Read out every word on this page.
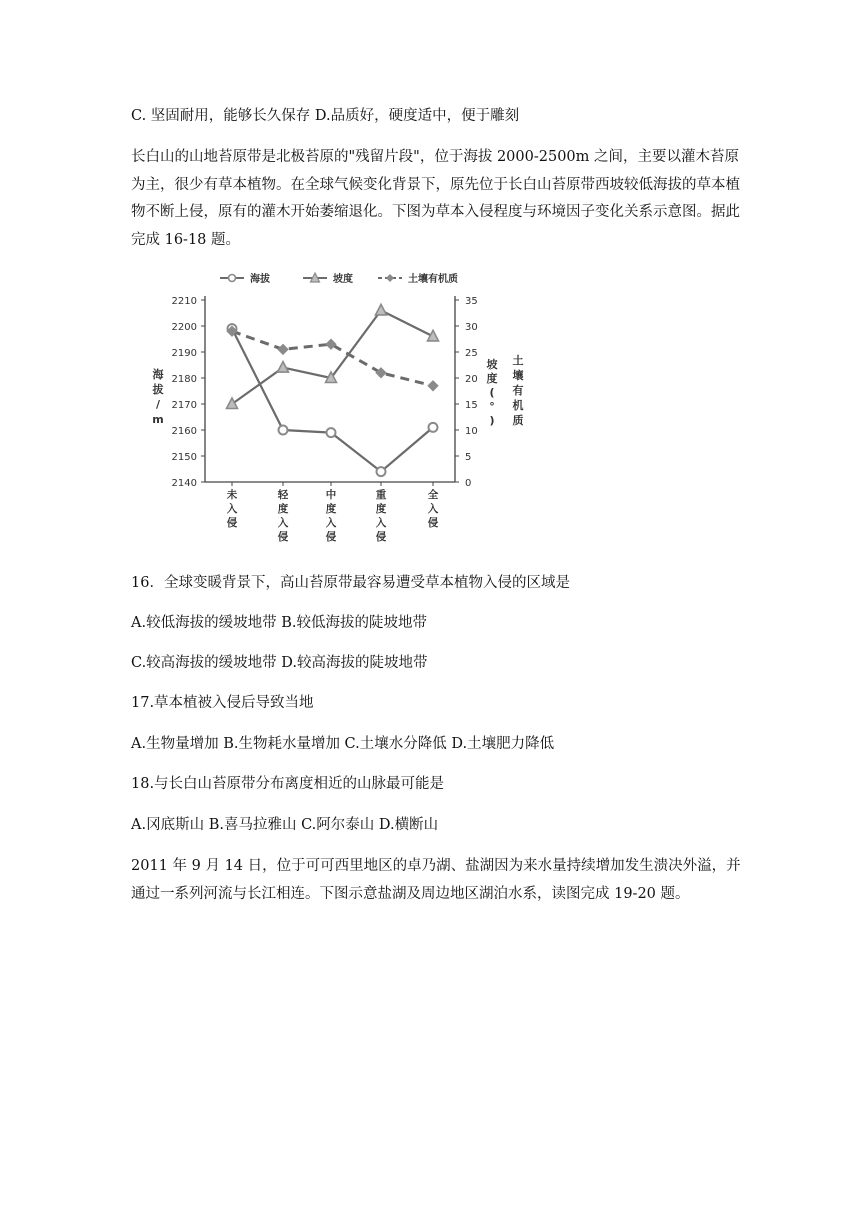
C. 坚固耐用，能够长久保存 D.品质好，硬度适中，便于雕刻

长白山的山地苔原带是北极苔原的"残留片段"，位于海拔 2000-2500m 之间，主要以灌木苔原为主，很少有草本植物。在全球气候变化背景下，原先位于长白山苔原带西坡较低海拔的草本植物不断上侵，原有的灌木开始萎缩退化。下图为草本入侵程度与环境因子变化关系示意图。据此完成 16-18 题。

2140
2150
2160
2170
2180
2190
2200
2210
0
5
10
15
20
25
30
35
未
入
侵
轻
度
入
侵
中
度
入
侵
重
度
入
侵
全
入
侵
海
拔
/
m
坡
度
(
°
)
土
壤
有
机
质
海拔	坡度	土壤有机质

16．全球变暖背景下，高山苔原带最容易遭受草本植物入侵的区域是

A.较低海拔的缓坡地带 B.较低海拔的陡坡地带

C.较高海拔的缓坡地带 D.较高海拔的陡坡地带

17.草本植被入侵后导致当地

A.生物量增加 B.生物耗水量增加 C.土壤水分降低 D.土壤肥力降低

18.与长白山苔原带分布离度相近的山脉最可能是

A.冈底斯山 B.喜马拉雅山 C.阿尔泰山 D.横断山

2011 年 9 月 14 日，位于可可西里地区的卓乃湖、盐湖因为来水量持续增加发生溃决外溢，并通过一系列河流与长江相连。下图示意盐湖及周边地区湖泊水系，读图完成 19-20 题。
